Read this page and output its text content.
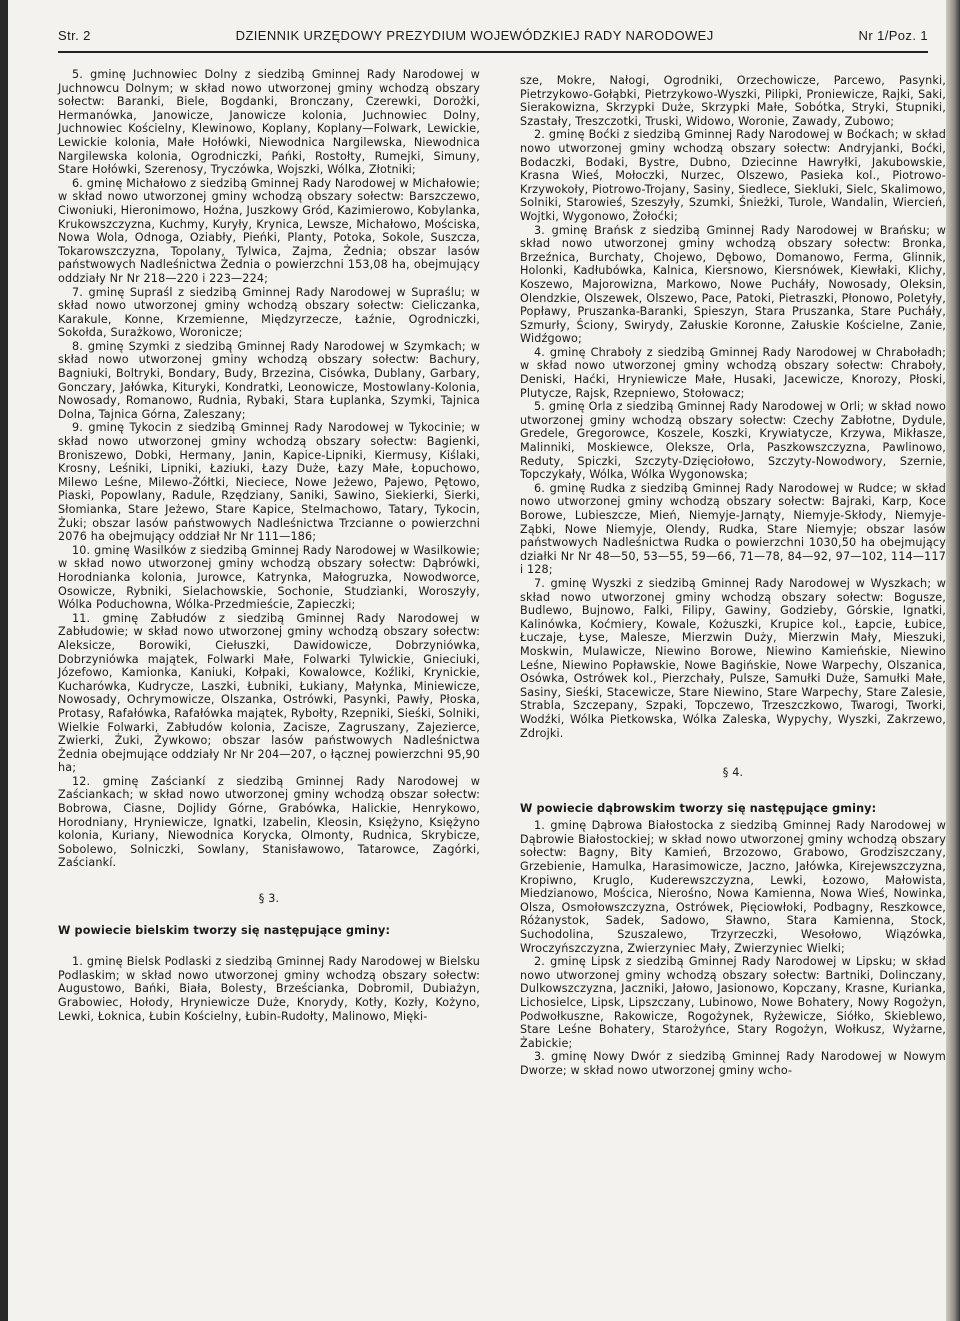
Str. 2	DZIENNIK URZĘDOWY PREZYDIUM WOJEWÓDZKIEJ RADY NARODOWEJ	Nr 1/Poz. 1

5. gminę Juchnowiec Dolny z siedzibą Gminnej Rady Narodowej w Juchnowcu Dolnym; w skład nowo utworzonej gminy wchodzą obszary sołectw: Baranki, Biele, Bogdanki, Bronczany, Czerewki, Dorożki, Hermanówka, Janowicze, Janowicze kolonia, Juchnowiec Dolny, Juchnowiec Kościelny, Klewinowo, Koplany, Koplany—Folwark, Lewickie, Lewickie kolonia, Małe Hołówki, Niewodnica Nargilewska, Niewodnica Nargilewska kolonia, Ogrodniczki, Pańki, Rostołty, Rumejki, Simuny, Stare Hołówki, Szerenosy, Tryczówka, Wojszki, Wólka, Złotniki;

6. gminę Michałowo z siedzibą Gminnej Rady Narodowej w Michałowie; w skład nowo utworzonej gminy wchodzą obszary sołectw: Barszczewo, Ciwoniuki, Hieronimowo, Hoźna, Juszkowy Gród, Kazimierowo, Kobylanka, Krukowszczyzna, Kuchmy, Kuryły, Krynica, Lewsze, Michałowo, Mościska, Nowa Wola, Odnoga, Oziabły, Pieńki, Planty, Potoka, Sokole, Suszcza, Tokarowszczyzna, Topolany, Tylwica, Zajma, Żednia; obszar lasów państwowych Nadleśnictwa Żednia o powierzchni 153,08 ha, obejmujący oddziały Nr Nr 218—220 i 223—224;

7. gminę Supraśl z siedzibą Gminnej Rady Narodowej w Supraślu; w skład nowo utworzonej gminy wchodzą obszary sołectw: Cieliczanka, Karakule, Konne, Krzemienne, Międzyrzecze, Łaźnie, Ogrodniczki, Sokołda, Surażkowo, Woronicze;

8. gminę Szymki z siedzibą Gminnej Rady Narodowej w Szymkach; w skład nowo utworzonej gminy wchodzą obszary sołectw: Bachury, Bagniuki, Boltryki, Bondary, Budy, Brzezina, Cisówka, Dublany, Garbary, Gonczary, Jałówka, Kituryki, Kondratki, Leonowicze, Mostowlany-Kolonia, Nowosady, Romanowo, Rudnia, Rybaki, Stara Łuplanka, Szymki, Tajnica Dolna, Tajnica Górna, Zaleszany;

9. gminę Tykocin z siedzibą Gminnej Rady Narodowej w Tykocinie; w skład nowo utworzonej gminy wchodzą obszary sołectw: Bagienki, Broniszewo, Dobki, Hermany, Janin, Kapice-Lipniki, Kiermusy, Kiślaki, Krosny, Leśniki, Lipniki, Łaziuki, Łazy Duże, Łazy Małe, Łopuchowo, Milewo Leśne, Milewo-Żółtki, Nieciece, Nowe Jeżewo, Pajewo, Pętowo, Piaski, Popowlany, Radule, Rzędziany, Saniki, Sawino, Siekierki, Sierki, Słomianka, Stare Jeżewo, Stare Kapice, Stelmachowo, Tatary, Tykocin, Żuki; obszar lasów państwowych Nadleśnictwa Trzcianne o powierzchni 2076 ha obejmujący oddział Nr Nr 111—186;

10. gminę Wasilków z siedzibą Gminnej Rady Narodowej w Wasilkowie; w skład nowo utworzonej gminy wchodzą obszary sołectw: Dąbrówki, Horodnianka kolonia, Jurowce, Katrynka, Małogruzka, Nowodworce, Osowicze, Rybniki, Sielachowskie, Sochonie, Studzianki, Woroszyły, Wólka Poduchowna, Wólka-Przedmieście, Zapieczki;

11. gminę Zabłudów z siedzibą Gminnej Rady Narodowej w Zabłudowie; w skład nowo utworzonej gminy wchodzą obszary sołectw: Aleksicze, Borowiki, Ciełuszki, Dawidowicze, Dobrzyniówka, Dobrzyniówka majątek, Folwarki Małe, Folwarki Tylwickie, Gnieciuki, Józefowo, Kamionka, Kaniuki, Kołpaki, Kowalowce, Koźliki, Krynickie, Kucharówka, Kudrycze, Laszki, Łubniki, Łukiany, Małynka, Miniewicze, Nowosady, Ochrymowicze, Olszanka, Ostrówki, Pasynki, Pawły, Płoska, Protasy, Rafałówka, Rafałówka majątek, Rybołty, Rzepniki, Sieśki, Solniki, Wielkie Folwarki, Zabłudów kolonia, Zacisze, Zagruszany, Zajezierce, Zwierki, Żuki, Żywkowo; obszar lasów państwowych Nadleśnictwa Żednia obejmujące oddziały Nr Nr 204—207, o łącznej powierzchni 95,90 ha;

12. gminę Zaściankí z siedzibą Gminnej Rady Narodowej w Zaściankach; w skład nowo utworzonej gminy wchodzą obszar sołectw: Bobrowa, Ciasne, Dojlidy Górne, Grabówka, Halickie, Henrykowo, Horodniany, Hryniewicze, Ignatki, Izabelin, Kleosin, Księżyno, Księżyno kolonia, Kuriany, Niewodnica Korycka, Olmonty, Rudnica, Skrybicze, Sobolewo, Solniczki, Sowlany, Stanisławowo, Tatarowce, Zagórki, Zaściankí.

§ 3.

W powiecie bielskim tworzy się następujące gminy:

1. gminę Bielsk Podlaski z siedzibą Gminnej Rady Narodowej w Bielsku Podlaskim; w skład nowo utworzonej gminy wchodzą obszary sołectw: Augustowo, Bańki, Biała, Bolesty, Brześcianka, Dobromil, Dubiażyn, Grabowiec, Hołody, Hryniewicze Duże, Knorydy, Kotły, Kozły, Kożyno, Lewki, Łoknica, Łubin Kościelny, Łubin-Rudołty, Malinowo, Mięki-

sze, Mokre, Nałogi, Ogrodniki, Orzechowicze, Parcewo, Pasynki, Pietrzykowo-Gołąbki, Pietrzykowo-Wyszki, Pilipki, Proniewicze, Rajki, Saki, Sierakowizna, Skrzypki Duże, Skrzypki Małe, Sobótka, Stryki, Stupniki, Szastały, Treszczotki, Truski, Widowo, Woronie, Zawady, Zubowo;

2. gminę Boćki z siedzibą Gminnej Rady Narodowej w Boćkach; w skład nowo utworzonej gminy wchodzą obszary sołectw: Andryjanki, Boćki, Bodaczki, Bodaki, Bystre, Dubno, Dziecinne Hawryłki, Jakubowskie, Krasna Wieś, Mołoczki, Nurzec, Olszewo, Pasieka kol., Piotrowo-Krzywokoły, Piotrowo-Trojany, Sasiny, Siedlece, Siekluki, Sielc, Skalimowo, Solniki, Starowieś, Szeszyły, Szumki, Śnieżki, Turole, Wandalin, Wiercień, Wojtki, Wygonowo, Żołoćki;

3. gminę Brańsk z siedzibą Gminnej Rady Narodowej w Brańsku; w skład nowo utworzonej gminy wchodzą obszary sołectw: Bronka, Brzeźnica, Burchaty, Chojewo, Dębowo, Domanowo, Ferma, Glinnik, Holonki, Kadłubówka, Kalnica, Kiersnowo, Kiersnówek, Kiewłaki, Klichy, Koszewo, Majorowizna, Markowo, Nowe Pucháły, Nowosady, Oleksin, Olendzkie, Olszewek, Olszewo, Pace, Patoki, Pietraszki, Płonowo, Poletyły, Popławy, Pruszanka-Baranki, Spieszyn, Stara Pruszanka, Stare Pucháły, Szmurły, Ściony, Swirydy, Załuskie Koronne, Załuskie Kościelne, Zanie, Widźgowo;

4. gminę Chraboły z siedzibą Gminnej Rady Narodowej w Chraboładh; w skład nowo utworzonej gminy wchodzą obszary sołectw: Chraboły, Deniski, Haćki, Hryniewicze Małe, Husaki, Jacewicze, Knorozy, Płoski, Plutycze, Rajsk, Rzepniewo, Stołowacz;

5. gminę Orla z siedzibą Gminnej Rady Narodowej w Orli; w skład nowo utworzonej gminy wchodzą obszary sołectw: Czechy Zabłotne, Dydule, Gredele, Gregorowce, Koszele, Koszki, Krywiatycze, Krzywa, Mikłasze, Malinniki, Moskiewce, Oleksze, Orla, Paszkowszczyzna, Pawlinowo, Reduty, Spiczki, Szczyty-Dzięciołowo, Szczyty-Nowodwory, Szernie, Topczykały, Wólka, Wólka Wygonowska;

6. gminę Rudka z siedzibą Gminnej Rady Narodowej w Rudce; w skład nowo utworzonej gminy wchodzą obszary sołectw: Bajraki, Karp, Koce Borowe, Lubieszcze, Mień, Niemyje-Jarnąty, Niemyje-Skłody, Niemyje-Ząbki, Nowe Niemyje, Olendy, Rudka, Stare Niemyje; obszar lasów państwowych Nadleśnictwa Rudka o powierzchni 1030,50 ha obejmujący działki Nr Nr 48—50, 53—55, 59—66, 71—78, 84—92, 97—102, 114—117 i 128;

7. gminę Wyszki z siedzibą Gminnej Rady Narodowej w Wyszkach; w skład nowo utworzonej gminy wchodzą obszary sołectw: Bogusze, Budlewo, Bujnowo, Falki, Filipy, Gawiny, Godzieby, Górskie, Ignatki, Kalinówka, Koćmiery, Kowale, Kożuszki, Krupice kol., Łapcie, Łubice, Łuczaje, Łyse, Malesze, Mierzwin Duży, Mierzwin Mały, Mieszuki, Moskwin, Mulawicze, Niewino Borowe, Niewino Kamieńskie, Niewino Leśne, Niewino Popławskie, Nowe Bagińskie, Nowe Warpechy, Olszanica, Osówka, Ostrówek kol., Pierzchały, Pulsze, Samułki Duże, Samułki Małe, Sasiny, Sieśki, Stacewicze, Stare Niewino, Stare Warpechy, Stare Zalesie, Strabla, Szczepany, Szpaki, Topczewo, Trzeszczkowo, Twarogi, Tworki, Wodźki, Wólka Pietkowska, Wólka Zaleska, Wypychy, Wyszki, Zakrzewo, Zdrojki.

§ 4.

W powiecie dąbrowskim tworzy się następujące gminy:

1. gminę Dąbrowa Białostocka z siedzibą Gminnej Rady Narodowej w Dąbrowie Białostockiej; w skład nowo utworzonej gminy wchodzą obszary sołectw: Bagny, Bity Kamień, Brzozowo, Grabowo, Grodziszczany, Grzebienie, Hamulka, Harasimowicze, Jaczno, Jałówka, Kirejewszczyzna, Kropiwno, Kruglo, Kuderewszczyzna, Lewki, Łozowo, Małowista, Miedzianowo, Mościca, Nierośno, Nowa Kamienna, Nowa Wieś, Nowinka, Olsza, Osmołowszczyzna, Ostrówek, Pięciowłoki, Podbagny, Reszkowce, Różanystok, Sadek, Sadowo, Sławno, Stara Kamienna, Stock, Suchodolina, Szuszalewo, Trzyrzeczki, Wesołowo, Wiązówka, Wroczyńszczyzna, Zwierzyniec Mały, Zwierzyniec Wielki;

2. gminę Lipsk z siedzibą Gminnej Rady Narodowej w Lipsku; w skład nowo utworzonej gminy wchodzą obszary sołectw: Bartniki, Dolinczany, Dulkowszczyzna, Jaczniki, Jałowo, Jasionowo, Kopczany, Krasne, Kurianka, Lichosielce, Lipsk, Lipszczany, Lubinowo, Nowe Bohatery, Nowy Rogożyn, Podwołkuszne, Rakowicze, Rogożynek, Ryżewicze, Siółko, Skieblewo, Stare Leśne Bohatery, Starożyńce, Stary Rogożyn, Wołkusz, Wyżarne, Żabickie;

3. gminę Nowy Dwór z siedzibą Gminnej Rady Narodowej w Nowym Dworze; w skład nowo utworzonej gminy wcho-
